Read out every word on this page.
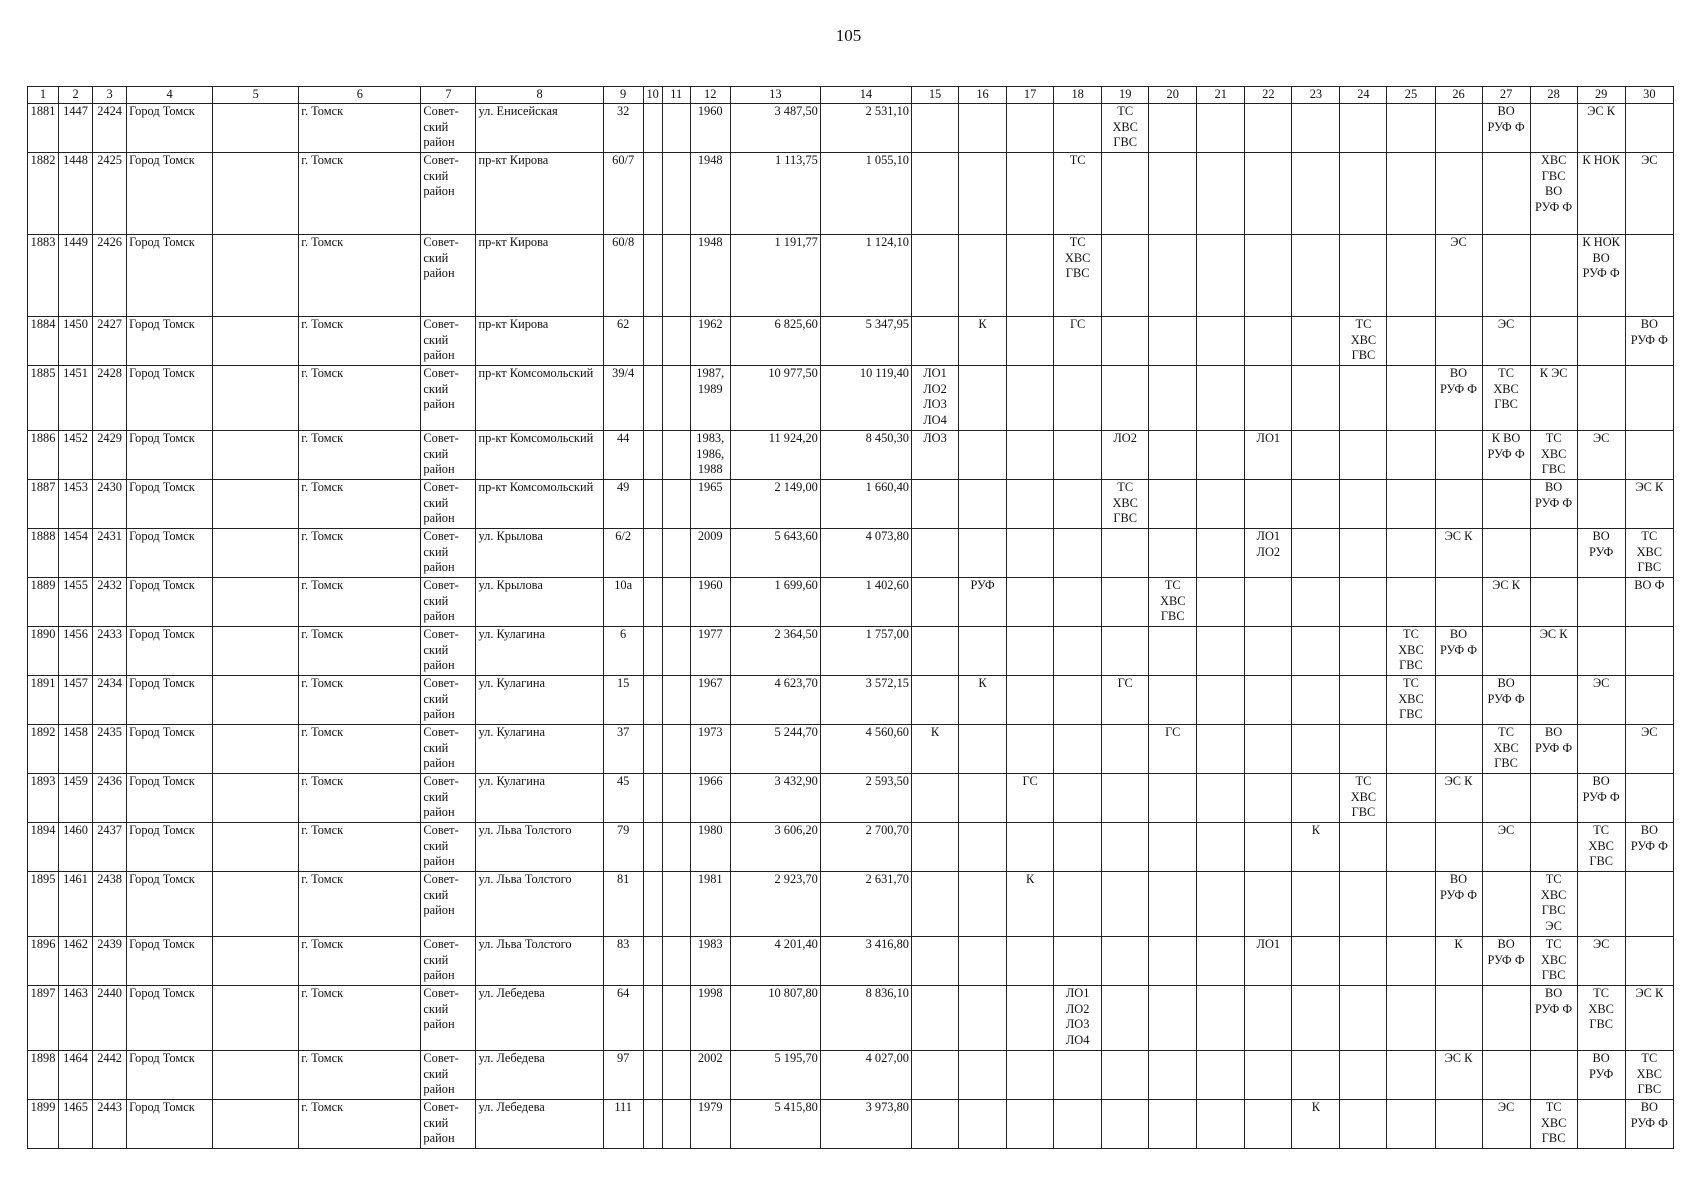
105
1	2	3	4	5	6	7	8	9	10	11	12	13	14	15	16	17	18	19	20	21	22	23	24	25	26	27	28	29	30
1881	1447	2424	Город Томск		г. Томск	Совет-
ский
район	ул. Енисейская	32			1960	3 487,50	2 531,10					ТС
ХВС
ГВС								ВО
РУФ Ф		ЭС К	
1882	1448	2425	Город Томск		г. Томск	Совет-
ский
район	пр-кт Кирова	60/7			1948	1 113,75	1 055,10				ТС										ХВС
ГВС
ВО
РУФ Ф	К НОК	ЭС
1883	1449	2426	Город Томск		г. Томск	Совет-
ский
район	пр-кт Кирова	60/8			1948	1 191,77	1 124,10				ТС
ХВС
ГВС								ЭС			К НОК
ВО
РУФ Ф	
1884	1450	2427	Город Томск		г. Томск	Совет-
ский
район	пр-кт Кирова	62			1962	6 825,60	5 347,95		К		ГС						ТС
ХВС
ГВС			ЭС			ВО
РУФ Ф
1885	1451	2428	Город Томск		г. Томск	Совет-
ский
район	пр-кт Комсомольский	39/4			1987,
1989	10 977,50	10 119,40	ЛО1
ЛО2
ЛО3
ЛО4											ВО
РУФ Ф	ТС
ХВС
ГВС	К ЭС		
1886	1452	2429	Город Томск		г. Томск	Совет-
ский
район	пр-кт Комсомольский	44			1983,
1986,
1988	11 924,20	8 450,30	ЛО3				ЛО2			ЛО1					К ВО
РУФ Ф	ТС
ХВС
ГВС	ЭС	
1887	1453	2430	Город Томск		г. Томск	Совет-
ский
район	пр-кт Комсомольский	49			1965	2 149,00	1 660,40					ТС
ХВС
ГВС									ВО
РУФ Ф		ЭС К
1888	1454	2431	Город Томск		г. Томск	Совет-
ский
район	ул. Крылова	6/2			2009	5 643,60	4 073,80								ЛО1
ЛО2				ЭС К			ВО
РУФ	ТС
ХВС
ГВС
1889	1455	2432	Город Томск		г. Томск	Совет-
ский
район	ул. Крылова	10а			1960	1 699,60	1 402,60		РУФ				ТС
ХВС
ГВС							ЭС К			ВО Ф
1890	1456	2433	Город Томск		г. Томск	Совет-
ский
район	ул. Кулагина	6			1977	2 364,50	1 757,00											ТС
ХВС
ГВС	ВО
РУФ Ф		ЭС К		
1891	1457	2434	Город Томск		г. Томск	Совет-
ский
район	ул. Кулагина	15			1967	4 623,70	3 572,15		К			ГС						ТС
ХВС
ГВС		ВО
РУФ Ф		ЭС	
1892	1458	2435	Город Томск		г. Томск	Совет-
ский
район	ул. Кулагина	37			1973	5 244,70	4 560,60	К					ГС							ТС
ХВС
ГВС	ВО
РУФ Ф		ЭС
1893	1459	2436	Город Томск		г. Томск	Совет-
ский
район	ул. Кулагина	45			1966	3 432,90	2 593,50			ГС							ТС
ХВС
ГВС		ЭС К			ВО
РУФ Ф	
1894	1460	2437	Город Томск		г. Томск	Совет-
ский
район	ул. Льва Толстого	79			1980	3 606,20	2 700,70									К				ЭС		ТС
ХВС
ГВС	ВО
РУФ Ф
1895	1461	2438	Город Томск		г. Томск	Совет-
ский
район	ул. Льва Толстого	81			1981	2 923,70	2 631,70			К									ВО
РУФ Ф		ТС
ХВС
ГВС
ЭС		
1896	1462	2439	Город Томск		г. Томск	Совет-
ский
район	ул. Льва Толстого	83			1983	4 201,40	3 416,80								ЛО1				К	ВО
РУФ Ф	ТС
ХВС
ГВС	ЭС	
1897	1463	2440	Город Томск		г. Томск	Совет-
ский
район	ул. Лебедева	64			1998	10 807,80	8 836,10				ЛО1
ЛО2
ЛО3
ЛО4										ВО
РУФ Ф	ТС
ХВС
ГВС	ЭС К
1898	1464	2442	Город Томск		г. Томск	Совет-
ский
район	ул. Лебедева	97			2002	5 195,70	4 027,00												ЭС К			ВО
РУФ	ТС
ХВС
ГВС
1899	1465	2443	Город Томск		г. Томск	Совет-
ский
район	ул. Лебедева	111			1979	5 415,80	3 973,80									К				ЭС	ТС
ХВС
ГВС		ВО
РУФ Ф
